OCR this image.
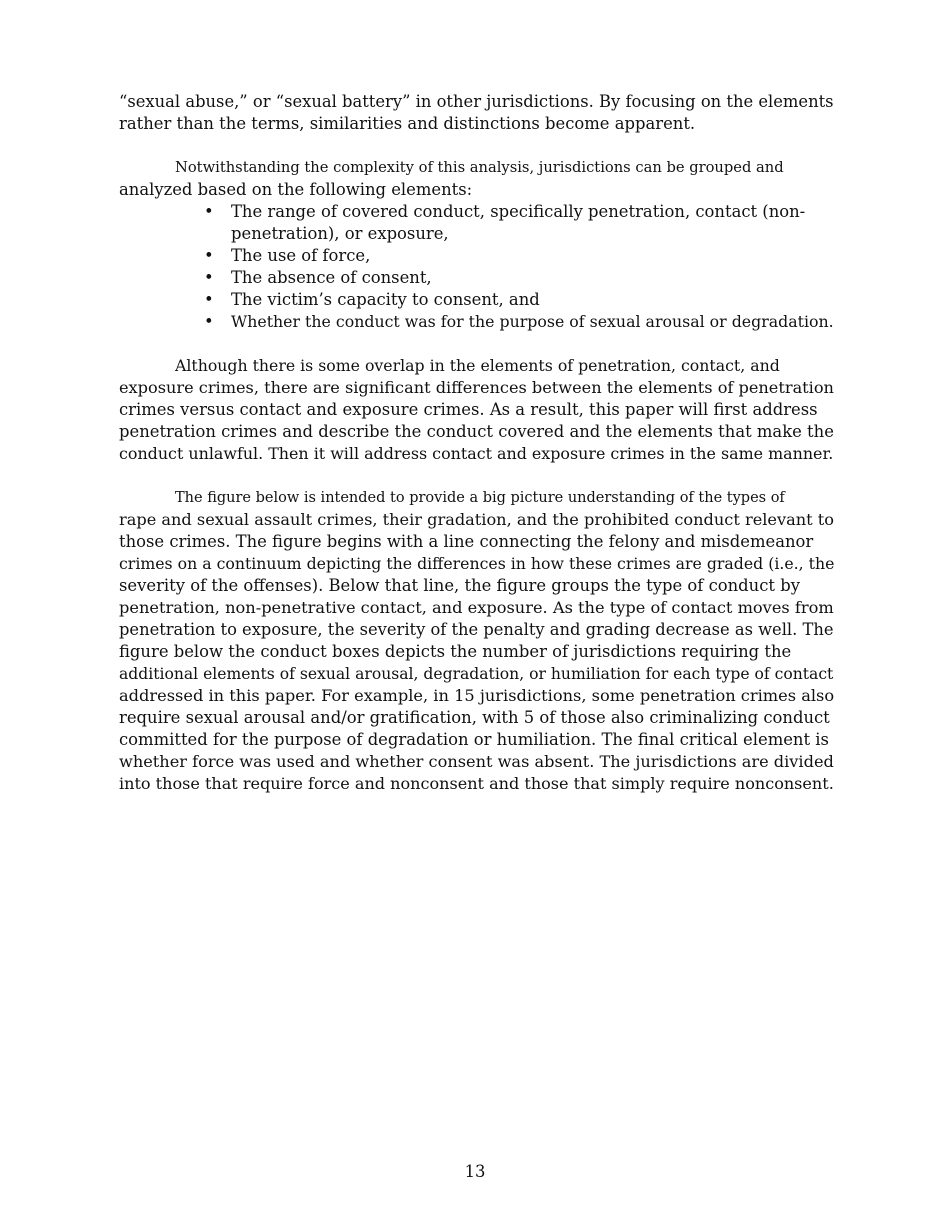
“sexual abuse,” or “sexual battery” in other jurisdictions. By focusing on the elements
rather than the terms, similarities and distinctions become apparent.

Notwithstanding the complexity of this analysis, jurisdictions can be grouped and
analyzed based on the following elements:

• The range of covered conduct, specifically penetration, contact (non-
penetration), or exposure,
• The use of force,
• The absence of consent,
• The victim’s capacity to consent, and
• Whether the conduct was for the purpose of sexual arousal or degradation.

Although there is some overlap in the elements of penetration, contact, and
exposure crimes, there are significant differences between the elements of penetration
crimes versus contact and exposure crimes. As a result, this paper will first address
penetration crimes and describe the conduct covered and the elements that make the
conduct unlawful. Then it will address contact and exposure crimes in the same manner.

The figure below is intended to provide a big picture understanding of the types of
rape and sexual assault crimes, their gradation, and the prohibited conduct relevant to
those crimes. The figure begins with a line connecting the felony and misdemeanor
crimes on a continuum depicting the differences in how these crimes are graded (i.e., the
severity of the offenses). Below that line, the figure groups the type of conduct by
penetration, non-penetrative contact, and exposure. As the type of contact moves from
penetration to exposure, the severity of the penalty and grading decrease as well. The
figure below the conduct boxes depicts the number of jurisdictions requiring the
additional elements of sexual arousal, degradation, or humiliation for each type of contact
addressed in this paper. For example, in 15 jurisdictions, some penetration crimes also
require sexual arousal and/or gratification, with 5 of those also criminalizing conduct
committed for the purpose of degradation or humiliation. The final critical element is
whether force was used and whether consent was absent. The jurisdictions are divided
into those that require force and nonconsent and those that simply require nonconsent.

13
